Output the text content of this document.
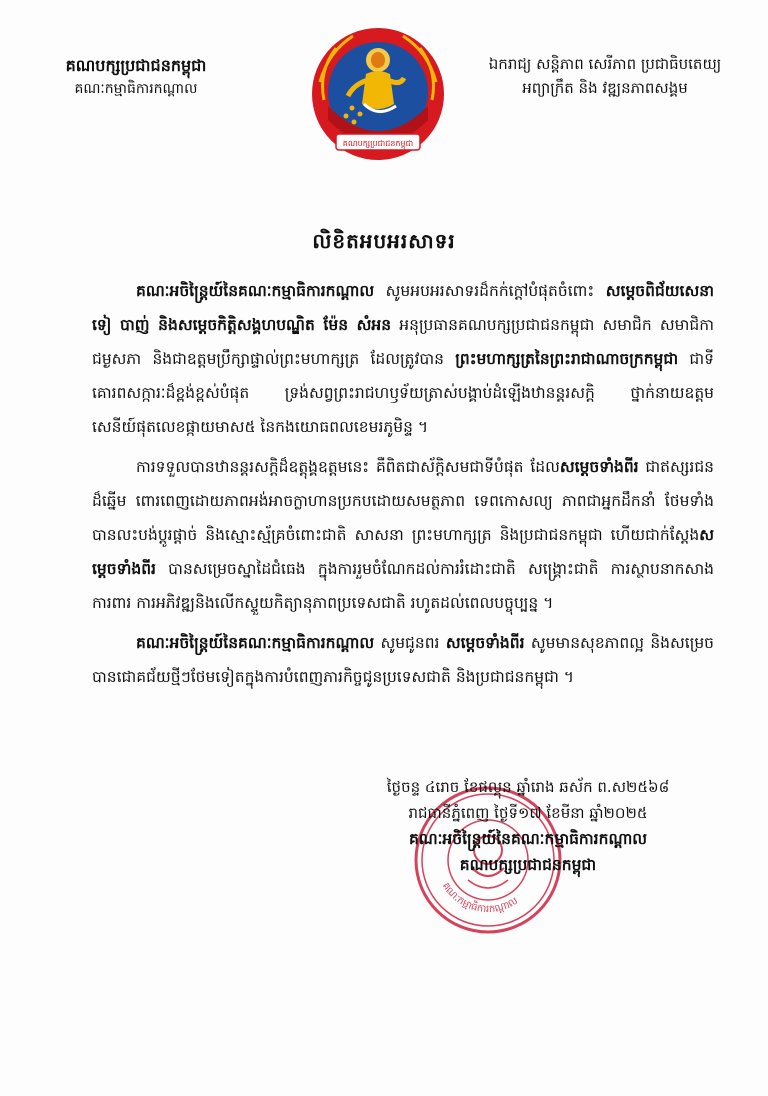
គណបក្សប្រជាជនកម្ពុជា
គណៈកម្មាធិការកណ្តាល
គណបក្សប្រជាជនកម្ពុជា
ឯករាជ្យ សន្តិភាព សេរីភាព ប្រជាធិបតេយ្យ
អព្យាក្រឹត និង វឌ្ឍនភាពសង្គម
លិខិតអបអរសាទរ

គណៈអចិន្ត្រៃយ៍នៃគណៈកម្មាធិការកណ្តាល សូមអបអរសាទរដ៏កក់ក្តៅបំផុតចំពោះ សម្តេចពិជ័យសេនា ទៀ បាញ់ និងសម្តេចកិត្តិសង្គហបណ្ឌិត ម៉ែន សំអន អនុប្រធានគណបក្សប្រជាជនកម្ពុជា សមាជិក សមាជិកាជម្ងសភា និងជាឧត្តមប្រឹក្សាផ្ទាល់ព្រះមហាក្សត្រ ដែលត្រូវបាន ព្រះមហាក្សត្រនៃព្រះរាជាណាចក្រកម្ពុជា ជាទីគោរពសក្ការៈដ៏ខ្ពង់ខ្ពស់បំផុត ទ្រង់សព្វព្រះរាជហឫទ័យត្រាស់បង្គាប់ដំឡើងឋានន្តរសក្តិ ថ្នាក់នាយឧត្តមសេនីយ៍ផុតលេខផ្កាយមាស៥ នៃកងយោធពលខេមរភូមិន្ទ ។

ការទទួលបានឋានន្តរសក្តិដ៏ឧត្តុង្គឧត្តមនេះ គឺពិតជាស័ក្តិសមជាទីបំផុត ដែលសម្តេចទាំងពីរ ជាឥស្សរជនដ៏ឆ្នើម ពោរពេញដោយភាពអង់អាចក្លាហានប្រកបដោយសមត្ថភាព ទេពកោសល្យ ភាពជាអ្នកដឹកនាំ ថែមទាំងបានលះបង់ប្តូរផ្តាច់ និងស្មោះស្ម័គ្រចំពោះជាតិ សាសនា ព្រះមហាក្សត្រ និងប្រជាជនកម្ពុជា ហើយជាក់ស្តែងសម្តេចទាំងពីរ បានសម្រេចស្នាដៃជំធេង ក្នុងការរួមចំណែកដល់ការរំដោះជាតិ សង្គ្រោះជាតិ ការស្ថាបនាកសាង ការពារ ការអភិវឌ្ឍនិងលើកស្ទួយកិត្យានុភាពប្រទេសជាតិ រហូតដល់ពេលបច្ចុប្បន្ន ។

គណៈអចិន្ត្រៃយ៍នៃគណៈកម្មាធិការកណ្តាល សូមជូនពរ សម្តេចទាំងពីរ សូមមានសុខភាពល្អ និងសម្រេចបានជោគជ័យថ្មីៗថែមទៀតក្នុងការបំពេញភារកិច្ចជូនប្រទេសជាតិ និងប្រជាជនកម្ពុជា ។

គណៈកម្មាធិការកណ្តាល
ថ្ងៃចន្ទ ៤រោច ខែផល្គុន ឆ្នាំរោង ឆស័ក ព.ស២៥៦៨
រាជធានីភ្នំពេញ ថ្ងៃទី១៧ ខែមីនា ឆ្នាំ២០២៥
គណៈអចិន្ត្រៃយ៍នៃគណៈកម្មាធិការកណ្តាល
គណបក្សប្រជាជនកម្ពុជា
